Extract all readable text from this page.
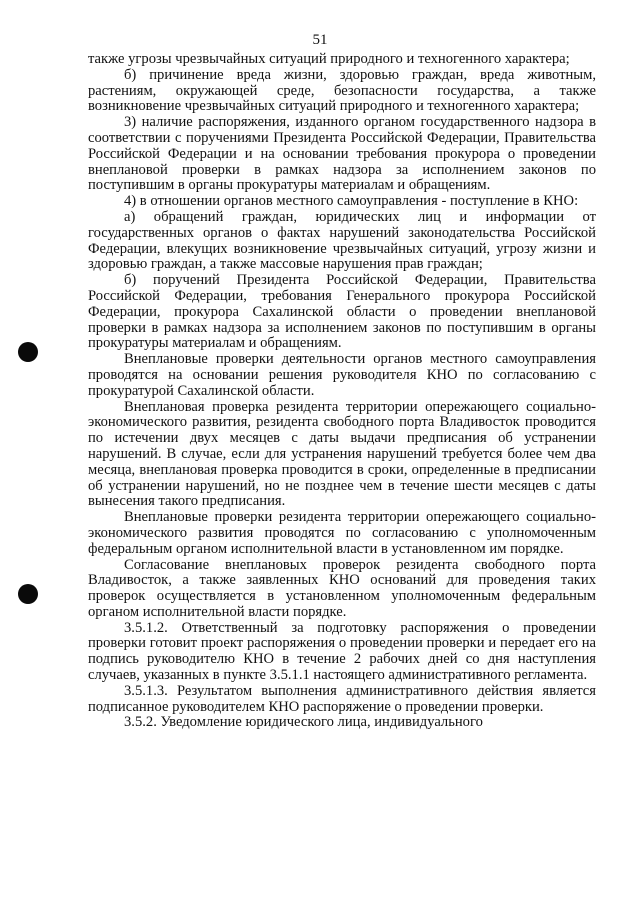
51

также угрозы чрезвычайных ситуаций природного и техногенного характера;

б) причинение вреда жизни, здоровью граждан, вреда животным, растениям, окружающей среде, безопасности государства, а также возникновение чрезвычайных ситуаций природного и техногенного характера;

3) наличие распоряжения, изданного органом государственного надзора в соответствии с поручениями Президента Российской Федерации, Правительства Российской Федерации и на основании требования прокурора о проведении внеплановой проверки в рамках надзора за исполнением законов по поступившим в органы прокуратуры материалам и обращениям.

4) в отношении органов местного самоуправления - поступление в КНО:

а) обращений граждан, юридических лиц и информации от государственных органов о фактах нарушений законодательства Российской Федерации, влекущих возникновение чрезвычайных ситуаций, угрозу жизни и здоровью граждан, а также массовые нарушения прав граждан;

б) поручений Президента Российской Федерации, Правительства Российской Федерации, требования Генерального прокурора Российской Федерации, прокурора Сахалинской области о проведении внеплановой проверки в рамках надзора за исполнением законов по поступившим в органы прокуратуры материалам и обращениям.

Внеплановые проверки деятельности органов местного самоуправления проводятся на основании решения руководителя КНО по согласованию с прокуратурой Сахалинской области.

Внеплановая проверка резидента территории опережающего социально-экономического развития, резидента свободного порта Владивосток проводится по истечении двух месяцев с даты выдачи предписания об устранении нарушений. В случае, если для устранения нарушений требуется более чем два месяца, внеплановая проверка проводится в сроки, определенные в предписании об устранении нарушений, но не позднее чем в течение шести месяцев с даты вынесения такого предписания.

Внеплановые проверки резидента территории опережающего социально-экономического развития проводятся по согласованию с уполномоченным федеральным органом исполнительной власти в установленном им порядке.

Согласование внеплановых проверок резидента свободного порта Владивосток, а также заявленных КНО оснований для проведения таких проверок осуществляется в установленном уполномоченным федеральным органом исполнительной власти порядке.

3.5.1.2. Ответственный за подготовку распоряжения о проведении проверки готовит проект распоряжения о проведении проверки и передает его на подпись руководителю КНО в течение 2 рабочих дней со дня наступления случаев, указанных в пункте 3.5.1.1 настоящего административного регламента.

3.5.1.3. Результатом выполнения административного действия является подписанное руководителем КНО распоряжение о проведении проверки.

3.5.2. Уведомление юридического лица, индивидуального
